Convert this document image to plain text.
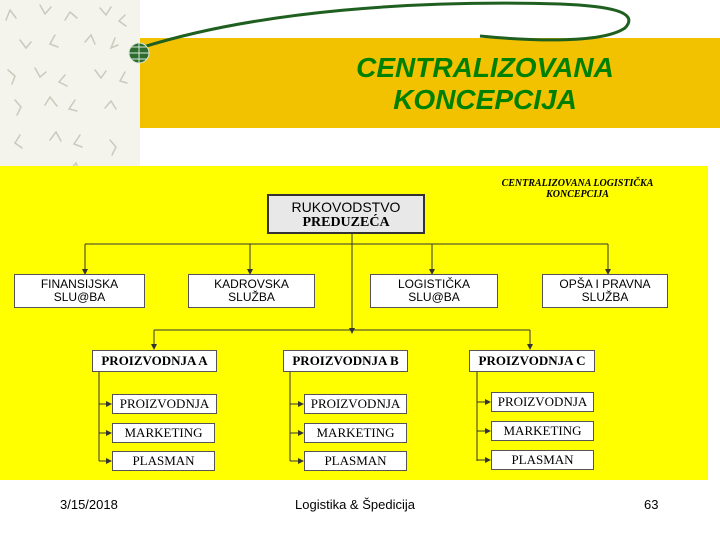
CENTRALIZOVANA
KONCEPCIJA
CENTRALIZOVANA LOGISTIČKA
KONCEPCIJA
RUKOVODSTVO
PREDUZEĆA
FINANSIJSKA
SLU@BA
KADROVSKA
SLUŽBA
LOGISTIČKA
SLU@BA
OPŠA I PRAVNA
SLUŽBA
PROIZVODNJA A
PROIZVODNJA
MARKETING
PLASMAN
PROIZVODNJA B
PROIZVODNJA
MARKETING
PLASMAN
PROIZVODNJA C
PROIZVODNJA
MARKETING
PLASMAN
3/15/2018	Logistika & Špedicija	63
